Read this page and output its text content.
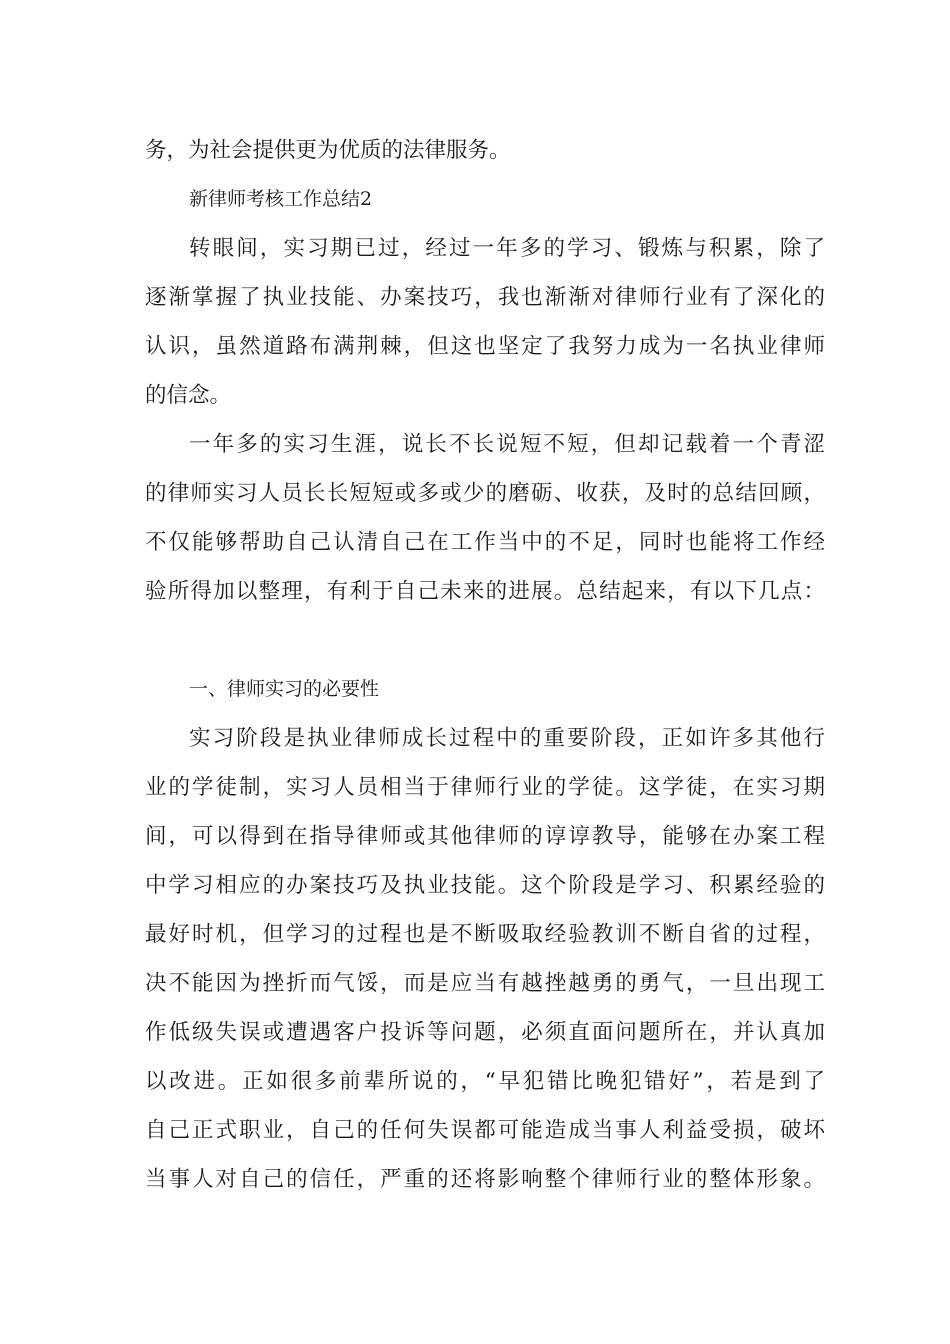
务，为社会提供更为优质的法律服务。
新律师考核工作总结2
转眼间，实习期已过，经过一年多的学习、锻炼与积累，除了
逐渐掌握了执业技能、办案技巧，我也渐渐对律师行业有了深化的
认识，虽然道路布满荆棘，但这也坚定了我努力成为一名执业律师
的信念。
一年多的实习生涯，说长不长说短不短，但却记载着一个青涩
的律师实习人员长长短短或多或少的磨砺、收获，及时的总结回顾，
不仅能够帮助自己认清自己在工作当中的不足，同时也能将工作经
验所得加以整理，有利于自己未来的进展。总结起来，有以下几点：
一、律师实习的必要性
实习阶段是执业律师成长过程中的重要阶段，正如许多其他行
业的学徒制，实习人员相当于律师行业的学徒。这学徒，在实习期
间，可以得到在指导律师或其他律师的谆谆教导，能够在办案工程
中学习相应的办案技巧及执业技能。这个阶段是学习、积累经验的
最好时机，但学习的过程也是不断吸取经验教训不断自省的过程，
决不能因为挫折而气馁，而是应当有越挫越勇的勇气，一旦出现工
作低级失误或遭遇客户投诉等问题，必须直面问题所在，并认真加
以改进。正如很多前辈所说的，“早犯错比晚犯错好”，若是到了
自己正式职业，自己的任何失误都可能造成当事人利益受损，破坏
当事人对自己的信任，严重的还将影响整个律师行业的整体形象。
